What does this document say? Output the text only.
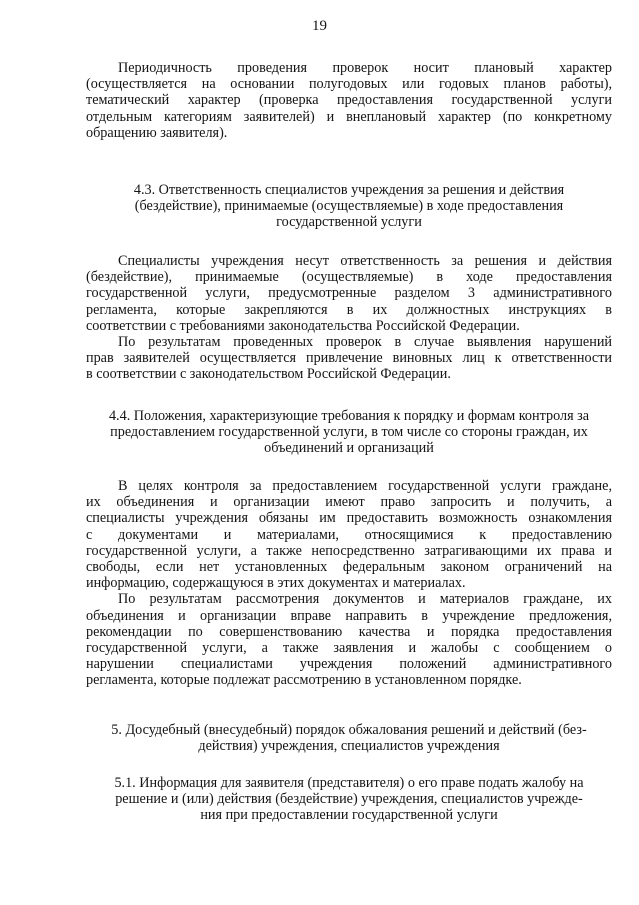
19
Периодичность проведения проверок носит плановый характер
(осуществляется на основании полугодовых или годовых планов работы),
тематический характер (проверка предоставления государственной услуги
отдельным категориям заявителей) и внеплановый характер (по конкретному
обращению заявителя).
4.3. Ответственность специалистов учреждения за решения и действия
(бездействие), принимаемые (осуществляемые) в ходе предоставления
государственной услуги
Специалисты учреждения несут ответственность за решения и действия
(бездействие), принимаемые (осуществляемые) в ходе предоставления
государственной услуги, предусмотренные разделом 3 административного
регламента, которые закрепляются в их должностных инструкциях в
соответствии с требованиями законодательства Российской Федерации.
По результатам проведенных проверок в случае выявления нарушений
прав заявителей осуществляется привлечение виновных лиц к ответственности
в соответствии с законодательством Российской Федерации.
4.4. Положения, характеризующие требования к порядку и формам контроля за
предоставлением государственной услуги, в том числе со стороны граждан, их
объединений и организаций
В целях контроля за предоставлением государственной услуги граждане,
их объединения и организации имеют право запросить и получить, а
специалисты учреждения обязаны им предоставить возможность ознакомления
с документами и материалами, относящимися к предоставлению
государственной услуги, а также непосредственно затрагивающими их права и
свободы, если нет установленных федеральным законом ограничений на
информацию, содержащуюся в этих документах и материалах.
По результатам рассмотрения документов и материалов граждане, их
объединения и организации вправе направить в учреждение предложения,
рекомендации по совершенствованию качества и порядка предоставления
государственной услуги, а также заявления и жалобы с сообщением о
нарушении специалистами учреждения положений административного
регламента, которые подлежат рассмотрению в установленном порядке.
5. Досудебный (внесудебный) порядок обжалования решений и действий (без-
действия) учреждения, специалистов учреждения
5.1. Информация для заявителя (представителя) о его праве подать жалобу на
решение и (или) действия (бездействие) учреждения, специалистов учрежде-
ния при предоставлении государственной услуги
